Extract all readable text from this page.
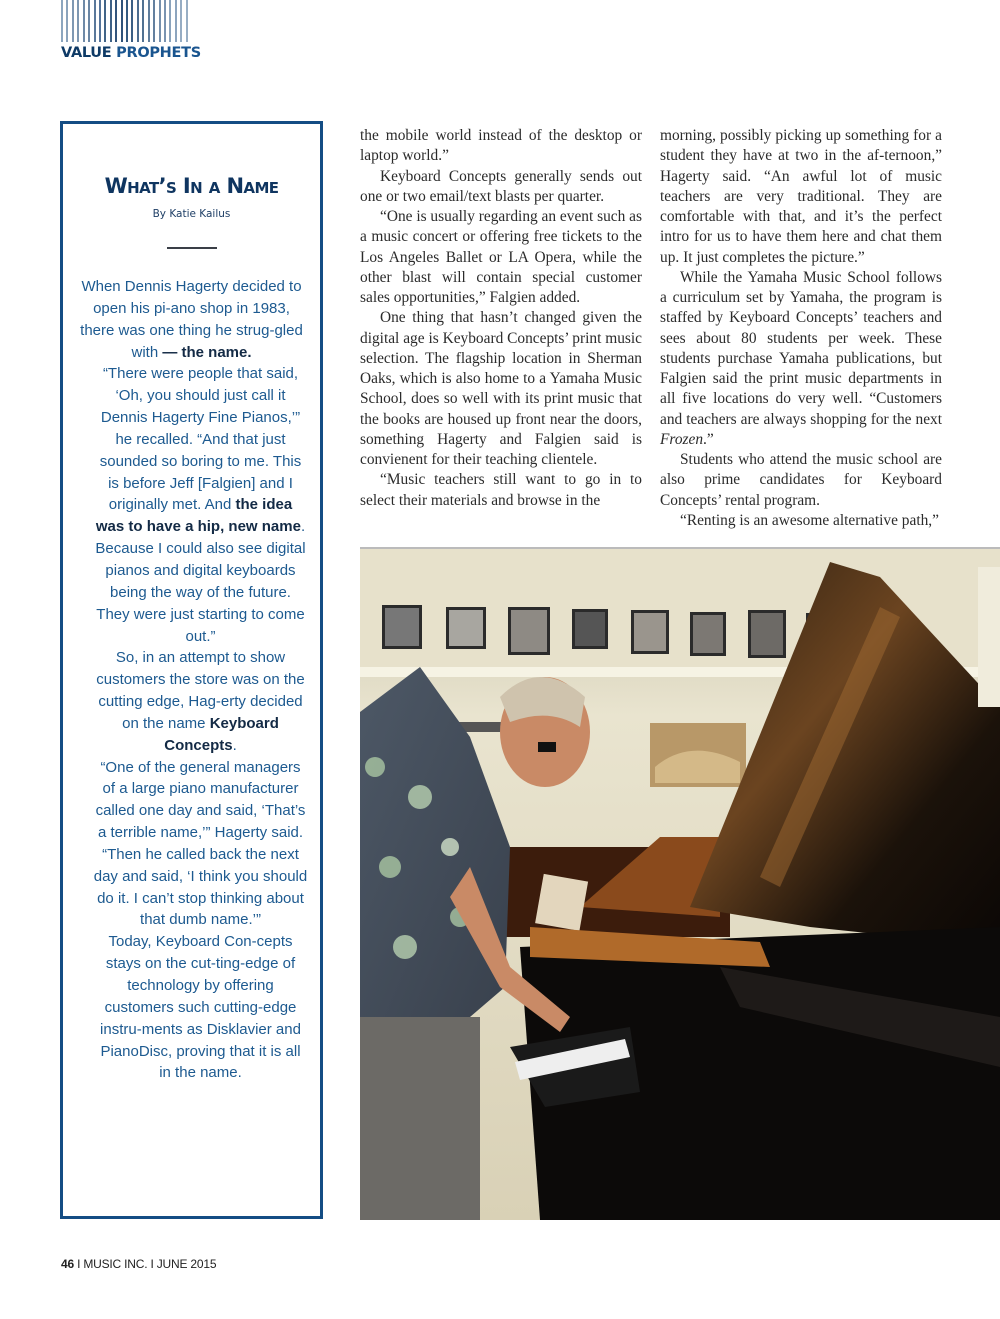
VALUE PROPHETS
What’s In a Name
By Katie Kailus

When Dennis Hagerty decided to open his pi-ano shop in 1983, there was one thing he strug-gled with — the name.

“There were people that said, ‘Oh, you should just call it Dennis Hagerty Fine Pianos,’” he recalled. “And that just sounded so boring to me. This is before Jeff [Falgien] and I originally met. And the idea was to have a hip, new name. Because I could also see digital pianos and digital keyboards being the way of the future. They were just starting to come out.”

So, in an attempt to show customers the store was on the cutting edge, Hag-erty decided on the name Keyboard Concepts.

“One of the general managers of a large piano manufacturer called one day and said, ‘That’s a terrible name,’” Hagerty said. “Then he called back the next day and said, ‘I think you should do it. I can’t stop thinking about that dumb name.’”

Today, Keyboard Con-cepts stays on the cut-ting-edge of technology by offering customers such cutting-edge instru-ments as Disklavier and PianoDisc, proving that it is all in the name.

the mobile world instead of the desktop or laptop world.”

Keyboard Concepts generally sends out one or two email/text blasts per quarter.

“One is usually regarding an event such as a music concert or offering free tickets to the Los Angeles Ballet or LA Opera, while the other blast will contain special customer sales opportunities,” Falgien added.

One thing that hasn’t changed given the digital age is Keyboard Concepts’ print music selection. The flagship location in Sherman Oaks, which is also home to a Yamaha Music School, does so well with its print music that the books are housed up front near the doors, something Hagerty and Falgien said is convienent for their teaching clientele.

“Music teachers still want to go in to select their materials and browse in the

morning, possibly picking up something for a student they have at two in the af-ternoon,” Hagerty said. “An awful lot of music teachers are very traditional. They are comfortable with that, and it’s the perfect intro for us to have them here and chat them up. It just completes the picture.”

While the Yamaha Music School follows a curriculum set by Yamaha, the program is staffed by Keyboard Concepts’ teachers and sees about 80 students per week. These students purchase Yamaha publications, but Falgien said the print music departments in all five locations do very well. “Customers and teachers are always shopping for the next Frozen.”

Students who attend the music school are also prime candidates for Keyboard Concepts’ rental program.

“Renting is an awesome alternative path,”

46 I MUSIC INC. I JUNE 2015
